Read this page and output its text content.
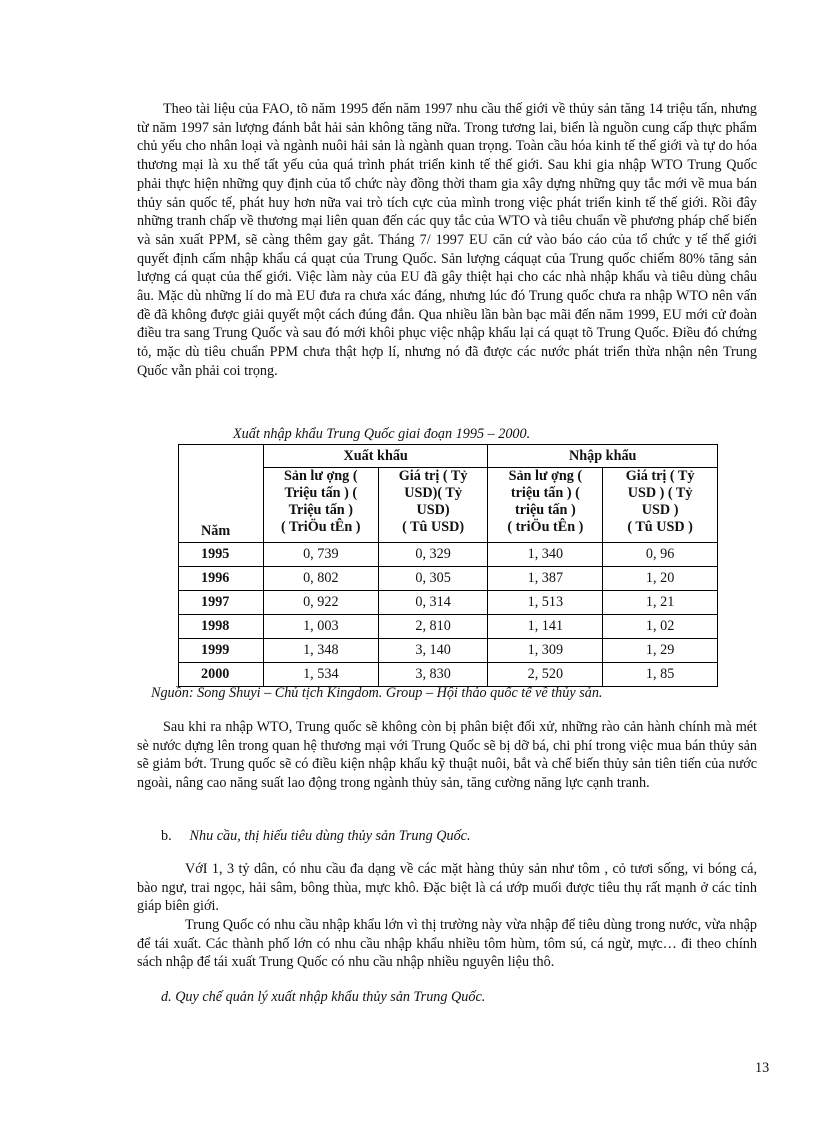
Theo tài liệu của FAO, tõ năm 1995 đến năm 1997 nhu cầu thế giới về thủy sản tăng 14 triệu tấn, nhưng từ năm 1997 sản lượng đánh bắt hải sản không tăng nữa. Trong tương lai, biển là nguồn cung cấp thực phẩm chủ yếu cho nhân loại và ngành nuôi hải sản là ngành quan trọng. Toàn cầu hóa kinh tế thế giới và tự do hóa thương mại là xu thế tất yếu của quá trình phát triển kinh tế thế giới. Sau khi gia nhập WTO Trung Quốc phải thực hiện những quy định của tổ chức này đồng thời tham gia xây dựng những quy tắc mới về mua bán thủy sản quốc tế, phát huy hơn nữa vai trò tích cực của mình trong việc phát triển kinh tế thế giới. Rồi đây những tranh chấp về thương mại liên quan đến các quy tắc của WTO và tiêu chuẩn về phương pháp chế biến và sản xuất PPM, sẽ càng thêm gay gắt. Tháng 7/ 1997 EU căn cứ vào báo cáo của tổ chức y tế thế giới quyết định cấm nhập khẩu cá quạt của Trung Quốc. Sản lượng cáquạt của Trung quốc chiếm 80% tăng sản lượng cá quạt của thế giới. Việc làm này của EU đã gây thiệt hại cho các nhà nhập khẩu và tiêu dùng châu âu. Mặc dù những lí do mà EU đưa ra chưa xác đáng, nhưng lúc đó Trung quốc chưa ra nhập WTO nên vấn đề đã không được giải quyết một cách đúng đắn. Qua nhiều lần bàn bạc mãi đến năm 1999, EU mới cử đoàn điều tra sang Trung Quốc và sau đó mới khôi phục việc nhập khẩu lại cá quạt tõ Trung Quốc. Điều đó chứng tỏ, mặc dù tiêu chuẩn PPM chưa thật hợp lí, nhưng nó đã được các nước phát triển thừa nhận nên Trung Quốc vẫn phải coi trọng.

Xuất nhập khẩu Trung Quốc giai đoạn 1995 – 2000.
Năm	Xuất khẩu		Nhập khẩu	

	Sản lư ợng (
Triệu tấn ) (
Triệu tấn )
( TriÖu tÊn )	Giá trị ( Tỷ
USD)( Tỷ
USD)
( Tû USD)	Sản lư ợng (
triệu tấn ) (
triệu tấn )
( triÖu tÊn )	Giá trị ( Tỷ
USD ) ( Tỷ
USD )
( Tû USD )

1995	0, 739	0, 329	1, 340	0, 96
1996	0, 802	0, 305	1, 387	1, 20
1997	0, 922	0, 314	1, 513	1, 21
1998	1, 003	2, 810	1, 141	1, 02
1999	1, 348	3, 140	1, 309	1, 29
2000	1, 534	3, 830	2, 520	1, 85
Nguồn: Song Shuyi – Chủ tịch Kingdom. Group – Hội thảo quốc tế về thủy sản.

Sau khi ra nhập WTO, Trung quốc sẽ không còn bị phân biệt đối xử, những rào cản hành chính mà mét sè nước dựng lên trong quan hệ thương mại với Trung Quốc sẽ bị dỡ bá, chi phí trong việc mua bán thủy sản sẽ giảm bớt. Trung quốc sẽ có điều kiện nhập khẩu kỹ thuật nuôi, bắt và chế biến thủy sản tiên tiến của nước ngoài, nâng cao năng suất lao động trong ngành thủy sản, tăng cường năng lực cạnh tranh.

b. Nhu cầu, thị hiếu tiêu dùng thủy sản Trung Quốc.

VớI 1, 3 tỷ dân, có nhu cầu đa dạng về các mặt hàng thủy sản như tôm , cỏ tươi sống, vi bóng cá, bào ngư, trai ngọc, hải sâm, bông thùa, mực khô. Đặc biệt là cá ướp muối được tiêu thụ rất mạnh ở các tỉnh giáp biên giới.

Trung Quốc có nhu cầu nhập khẩu lớn vì thị trường này vừa nhập để tiêu dùng trong nước, vừa nhập để tái xuất. Các thành phố lớn có nhu cầu nhập khẩu nhiều tôm hùm, tôm sú, cá ngừ, mực… đi theo chính sách nhập để tái xuất Trung Quốc có nhu cầu nhập nhiều nguyên liệu thô.

d. Quy chế quản lý xuất nhập khẩu thủy sản Trung Quốc.
13
